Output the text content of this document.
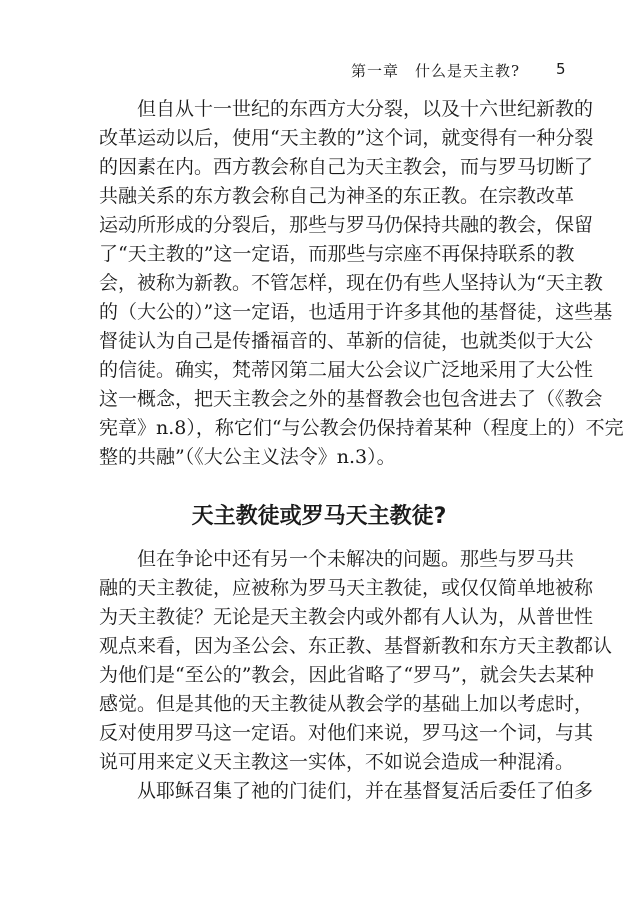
第一章　什么是天主教? 5
　　但自从十一世纪的东西方大分裂，以及十六世纪新教的
改革运动以后，使用“天主教的”这个词，就变得有一种分裂
的因素在内。西方教会称自己为天主教会，而与罗马切断了
共融关系的东方教会称自己为神圣的东正教。在宗教改革
运动所形成的分裂后，那些与罗马仍保持共融的教会，保留
了“天主教的”这一定语，而那些与宗座不再保持联系的教
会，被称为新教。不管怎样，现在仍有些人坚持认为“天主教
的（大公的）”这一定语，也适用于许多其他的基督徒，这些基
督徒认为自己是传播福音的、革新的信徒，也就类似于大公
的信徒。确实，梵蒂冈第二届大公会议广泛地采用了大公性
这一概念，把天主教会之外的基督教会也包含进去了（《教会
宪章》n.8），称它们“与公教会仍保持着某种（程度上的）不完
整的共融”（《大公主义法令》n.3）。
天主教徒或罗马天主教徒?
　　但在争论中还有另一个未解决的问题。那些与罗马共
融的天主教徒，应被称为罗马天主教徒，或仅仅简单地被称
为天主教徒？无论是天主教会内或外都有人认为，从普世性
观点来看，因为圣公会、东正教、基督新教和东方天主教都认
为他们是“至公的”教会，因此省略了“罗马”，就会失去某种
感觉。但是其他的天主教徒从教会学的基础上加以考虑时，
反对使用罗马这一定语。对他们来说，罗马这一个词，与其
说可用来定义天主教这一实体，不如说会造成一种混淆。
　　从耶稣召集了祂的门徒们，并在基督复活后委任了伯多
